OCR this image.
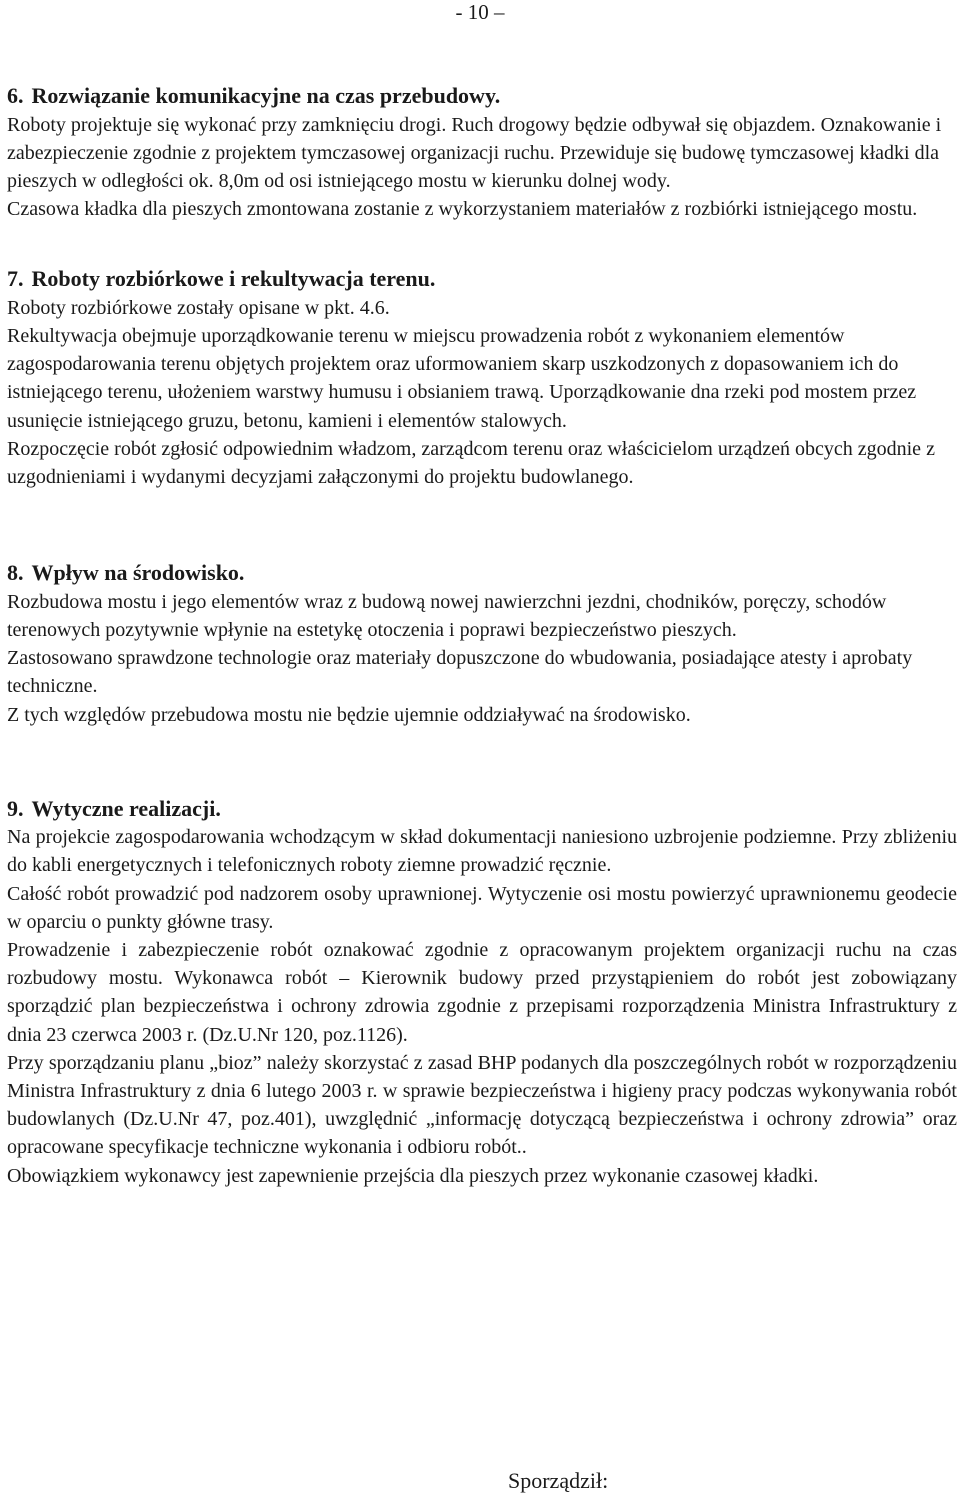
- 10 –
6. Rozwiązanie komunikacyjne na czas przebudowy.

Roboty projektuje się wykonać przy zamknięciu drogi. Ruch drogowy będzie odbywał się objazdem. Oznakowanie i zabezpieczenie zgodnie z projektem tymczasowej organizacji ruchu. Przewiduje się budowę tymczasowej kładki dla pieszych w odległości ok. 8,0m od osi istniejącego mostu w kierunku dolnej wody.

Czasowa kładka dla pieszych zmontowana zostanie z wykorzystaniem materiałów z rozbiórki istniejącego mostu.

7. Roboty rozbiórkowe i rekultywacja terenu.

Roboty rozbiórkowe zostały opisane w pkt. 4.6.

Rekultywacja obejmuje uporządkowanie terenu w miejscu prowadzenia robót z wykonaniem elementów zagospodarowania terenu objętych projektem oraz uformowaniem skarp uszkodzonych z dopasowaniem ich do istniejącego terenu, ułożeniem warstwy humusu i obsianiem trawą. Uporządkowanie dna rzeki pod mostem przez usunięcie istniejącego gruzu, betonu, kamieni i elementów stalowych.

Rozpoczęcie robót zgłosić odpowiednim władzom, zarządcom terenu oraz właścicielom urządzeń obcych zgodnie z uzgodnieniami i wydanymi decyzjami załączonymi do projektu budowlanego.

8. Wpływ na środowisko.

Rozbudowa mostu i jego elementów wraz z budową nowej nawierzchni jezdni, chodników, poręczy, schodów terenowych pozytywnie wpłynie na estetykę otoczenia i poprawi bezpieczeństwo pieszych.

Zastosowano sprawdzone technologie oraz materiały dopuszczone do wbudowania, posiadające atesty i aprobaty techniczne.

Z tych względów przebudowa mostu nie będzie ujemnie oddziaływać na środowisko.

9. Wytyczne realizacji.

Na projekcie zagospodarowania wchodzącym w skład dokumentacji naniesiono uzbrojenie podziemne. Przy zbliżeniu do kabli energetycznych i telefonicznych roboty ziemne prowadzić ręcznie.

Całość robót prowadzić pod nadzorem osoby uprawnionej. Wytyczenie osi mostu powierzyć uprawnionemu geodecie w oparciu o punkty główne trasy.

Prowadzenie i zabezpieczenie robót oznakować zgodnie z opracowanym projektem organizacji ruchu na czas rozbudowy mostu. Wykonawca robót – Kierownik budowy przed przystąpieniem do robót jest zobowiązany sporządzić plan bezpieczeństwa i ochrony zdrowia zgodnie z przepisami rozporządzenia Ministra Infrastruktury z dnia 23 czerwca 2003 r. (Dz.U.Nr 120, poz.1126).

Przy sporządzaniu planu „bioz” należy skorzystać z zasad BHP podanych dla poszczególnych robót w rozporządzeniu Ministra Infrastruktury z dnia 6 lutego 2003 r. w sprawie bezpieczeństwa i higieny pracy podczas wykonywania robót budowlanych (Dz.U.Nr 47, poz.401), uwzględnić „informację dotyczącą bezpieczeństwa i ochrony zdrowia” oraz opracowane specyfikacje techniczne wykonania i odbioru robót..

Obowiązkiem wykonawcy jest zapewnienie przejścia dla pieszych przez wykonanie czasowej kładki.

Sporządził:
